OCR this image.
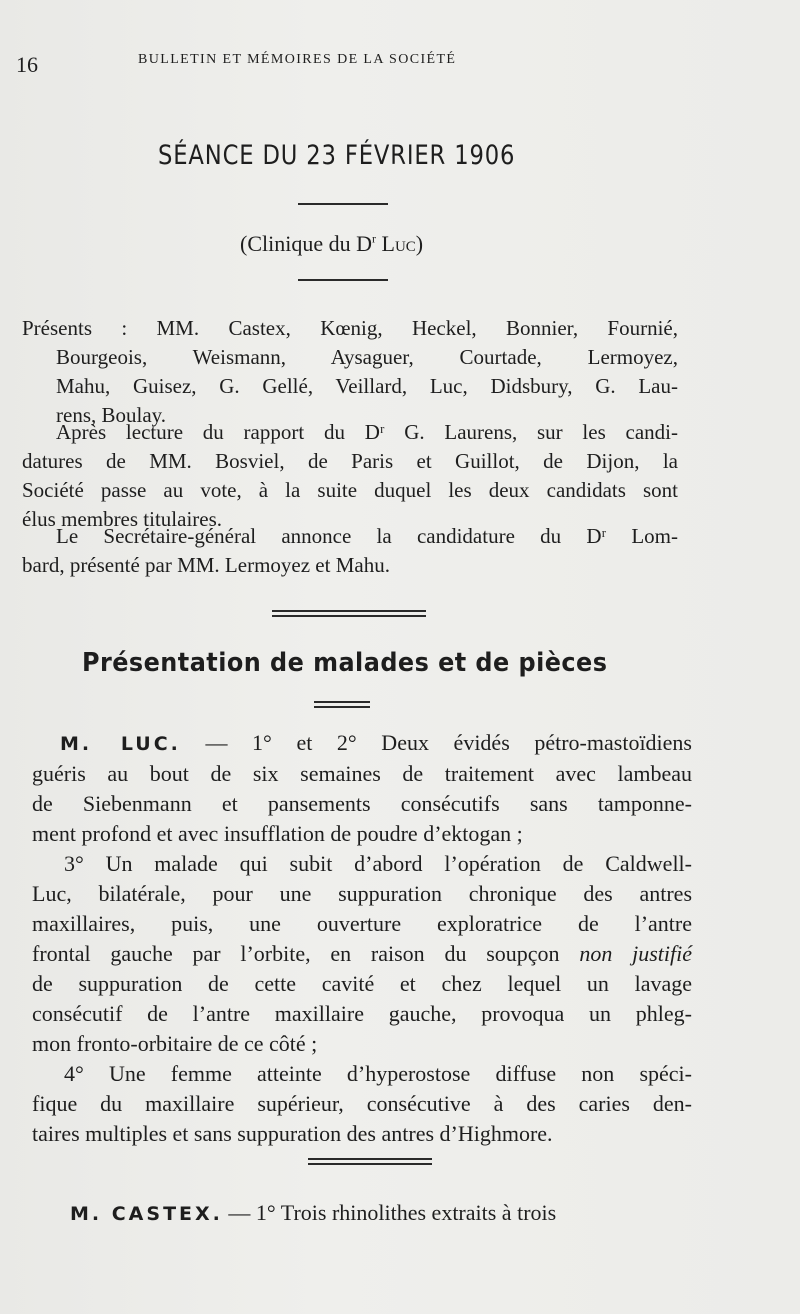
16	BULLETIN ET MÉMOIRES DE LA SOCIÉTÉ
SÉANCE DU 23 FÉVRIER 1906
(Clinique du $D^r$ Luc)
Présents : MM. Castex, Kœnig, Heckel, Bonnier, Fournié,
Bourgeois, Weismann, Aysaguer, Courtade, Lermoyez,
Mahu, Guisez, G. Gellé, Veillard, Luc, Didsbury, G. Lau-
rens, Boulay.
Après lecture du rapport du Dʳ G. Laurens, sur les candi-
datures de MM. Bosviel, de Paris et Guillot, de Dijon, la
Société passe au vote, à la suite duquel les deux candidats sont
élus membres titulaires.
Le Secrétaire-général annonce la candidature du Dʳ Lom-
bard, présenté par MM. Lermoyez et Mahu.
Présentation de malades et de pièces
M. LUC. — 1° et 2° Deux évidés pétro-mastoïdiens
guéris au bout de six semaines de traitement avec lambeau
de Siebenmann et pansements consécutifs sans tamponne-
ment profond et avec insufflation de poudre d’ektogan ;
3° Un malade qui subit d’abord l’opération de Caldwell-
Luc, bilatérale, pour une suppuration chronique des antres
maxillaires, puis, une ouverture exploratrice de l’antre
frontal gauche par l’orbite, en raison du soupçon non justifié
de suppuration de cette cavité et chez lequel un lavage
consécutif de l’antre maxillaire gauche, provoqua un phleg-
mon fronto-orbitaire de ce côté ;
4° Une femme atteinte d’hyperostose diffuse non spéci-
fique du maxillaire supérieur, consécutive à des caries den-
taires multiples et sans suppuration des antres d’Highmore.
M. CASTEX. — 1° Trois rhinolithes extraits à trois
